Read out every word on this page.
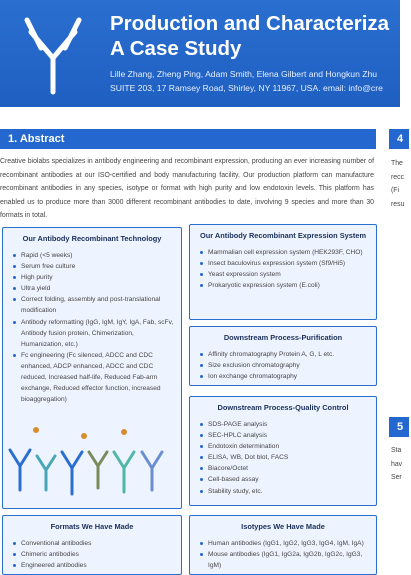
Production and Characteriza
A Case Study
Lille Zhang, Zheng Ping, Adam Smith, Elena Gilbert and Hongkun Zhu
SUITE 203, 17 Ramsey Road, Shirley, NY 11967, USA. email: info@cre
1. Abstract	4
5
Creative biolabs specializes in antibody engineering and recombinant expression, producing an ever increasing number of recombinant antibodies at our ISO-certified and body manufacturing facility. Our production platform can manufacture recombinant antibodies in any species, isotype or format with high purity and low endotoxin levels. This platform has enabled us to produce more than 3000 different recombinant antibodies to date, involving 9 species and more than 30 formats in total.
The
recc
(Fi
resu
Sta
hav
Ser
Our Antibody Recombinant Technology
Rapid (<5 weeks)
Serum free culture
High purity
Ultra yield
Correct folding, assembly and post-translational modification
Antibody reformatting (IgG, IgM, IgY, IgA, Fab, scFv, Antibody fusion protein, Chimerization, Humanization, etc.)
Fc engineering (Fc silenced, ADCC and CDC enhanced, ADCP enhanced, ADCC and CDC reduced, Increased half-life, Reduced Fab-arm exchange, Reduced effector function, increased bioaggregation)
Our Antibody Recombinant Expression System
Mammalian cell expression system (HEK293F, CHO)
Insect baculovirus expression system (Sf9/Hi5)
Yeast expression system
Prokaryotic expression system (E.coli)
Downstream Process-Purification
Affinity chromatography Protein A, G, L etc.
Size exclusion chromatography
Ion exchange chromatography
Downstream Process-Quality Control
SDS-PAGE analysis
SEC-HPLC analysis
Endotoxin determination
ELISA, WB, Dot blot, FACS
Biacore/Octet
Cell-based assay
Stability study, etc.
Formats We Have Made
Conventional antibodies
Chimeric antibodies
Engineered antibodies
Isotypes We Have Made
Human antibodies (IgG1, IgG2, IgG3, IgG4, IgM, IgA)
Mouse antibodies (IgG1, IgG2a, IgG2b, IgG2c, IgG3, IgM)
